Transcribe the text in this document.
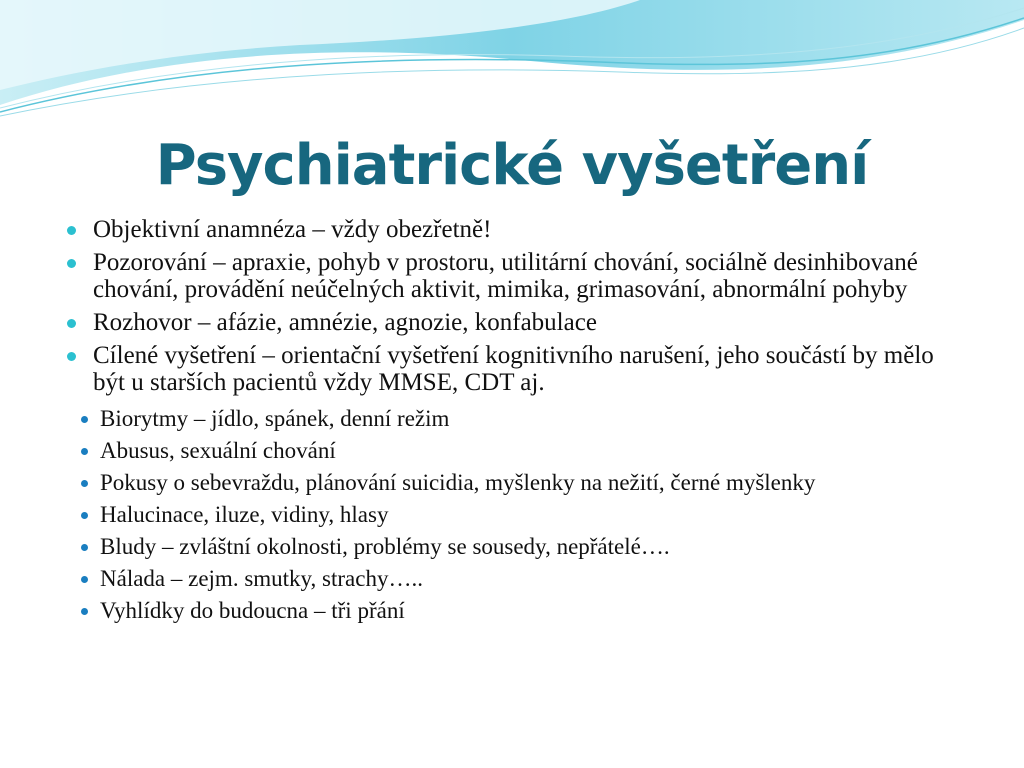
Psychiatrické vyšetření
Objektivní anamnéza – vždy obezřetně!
Pozorování – apraxie, pohyb v prostoru, utilitární chování, sociálně desinhibované chování, provádění neúčelných aktivit, mimika, grimasování, abnormální pohyby
Rozhovor – afázie, amnézie, agnozie, konfabulace
Cílené vyšetření – orientační vyšetření kognitivního narušení, jeho součástí by mělo být u starších pacientů vždy MMSE, CDT aj.
Biorytmy – jídlo, spánek, denní režim
Abusus, sexuální chování
Pokusy o sebevraždu, plánování suicidia, myšlenky na nežití, černé myšlenky
Halucinace, iluze, vidiny, hlasy
Bludy – zvláštní okolnosti, problémy se sousedy, nepřátelé….
Nálada – zejm. smutky, strachy…..
Vyhlídky do budoucna – tři přání
